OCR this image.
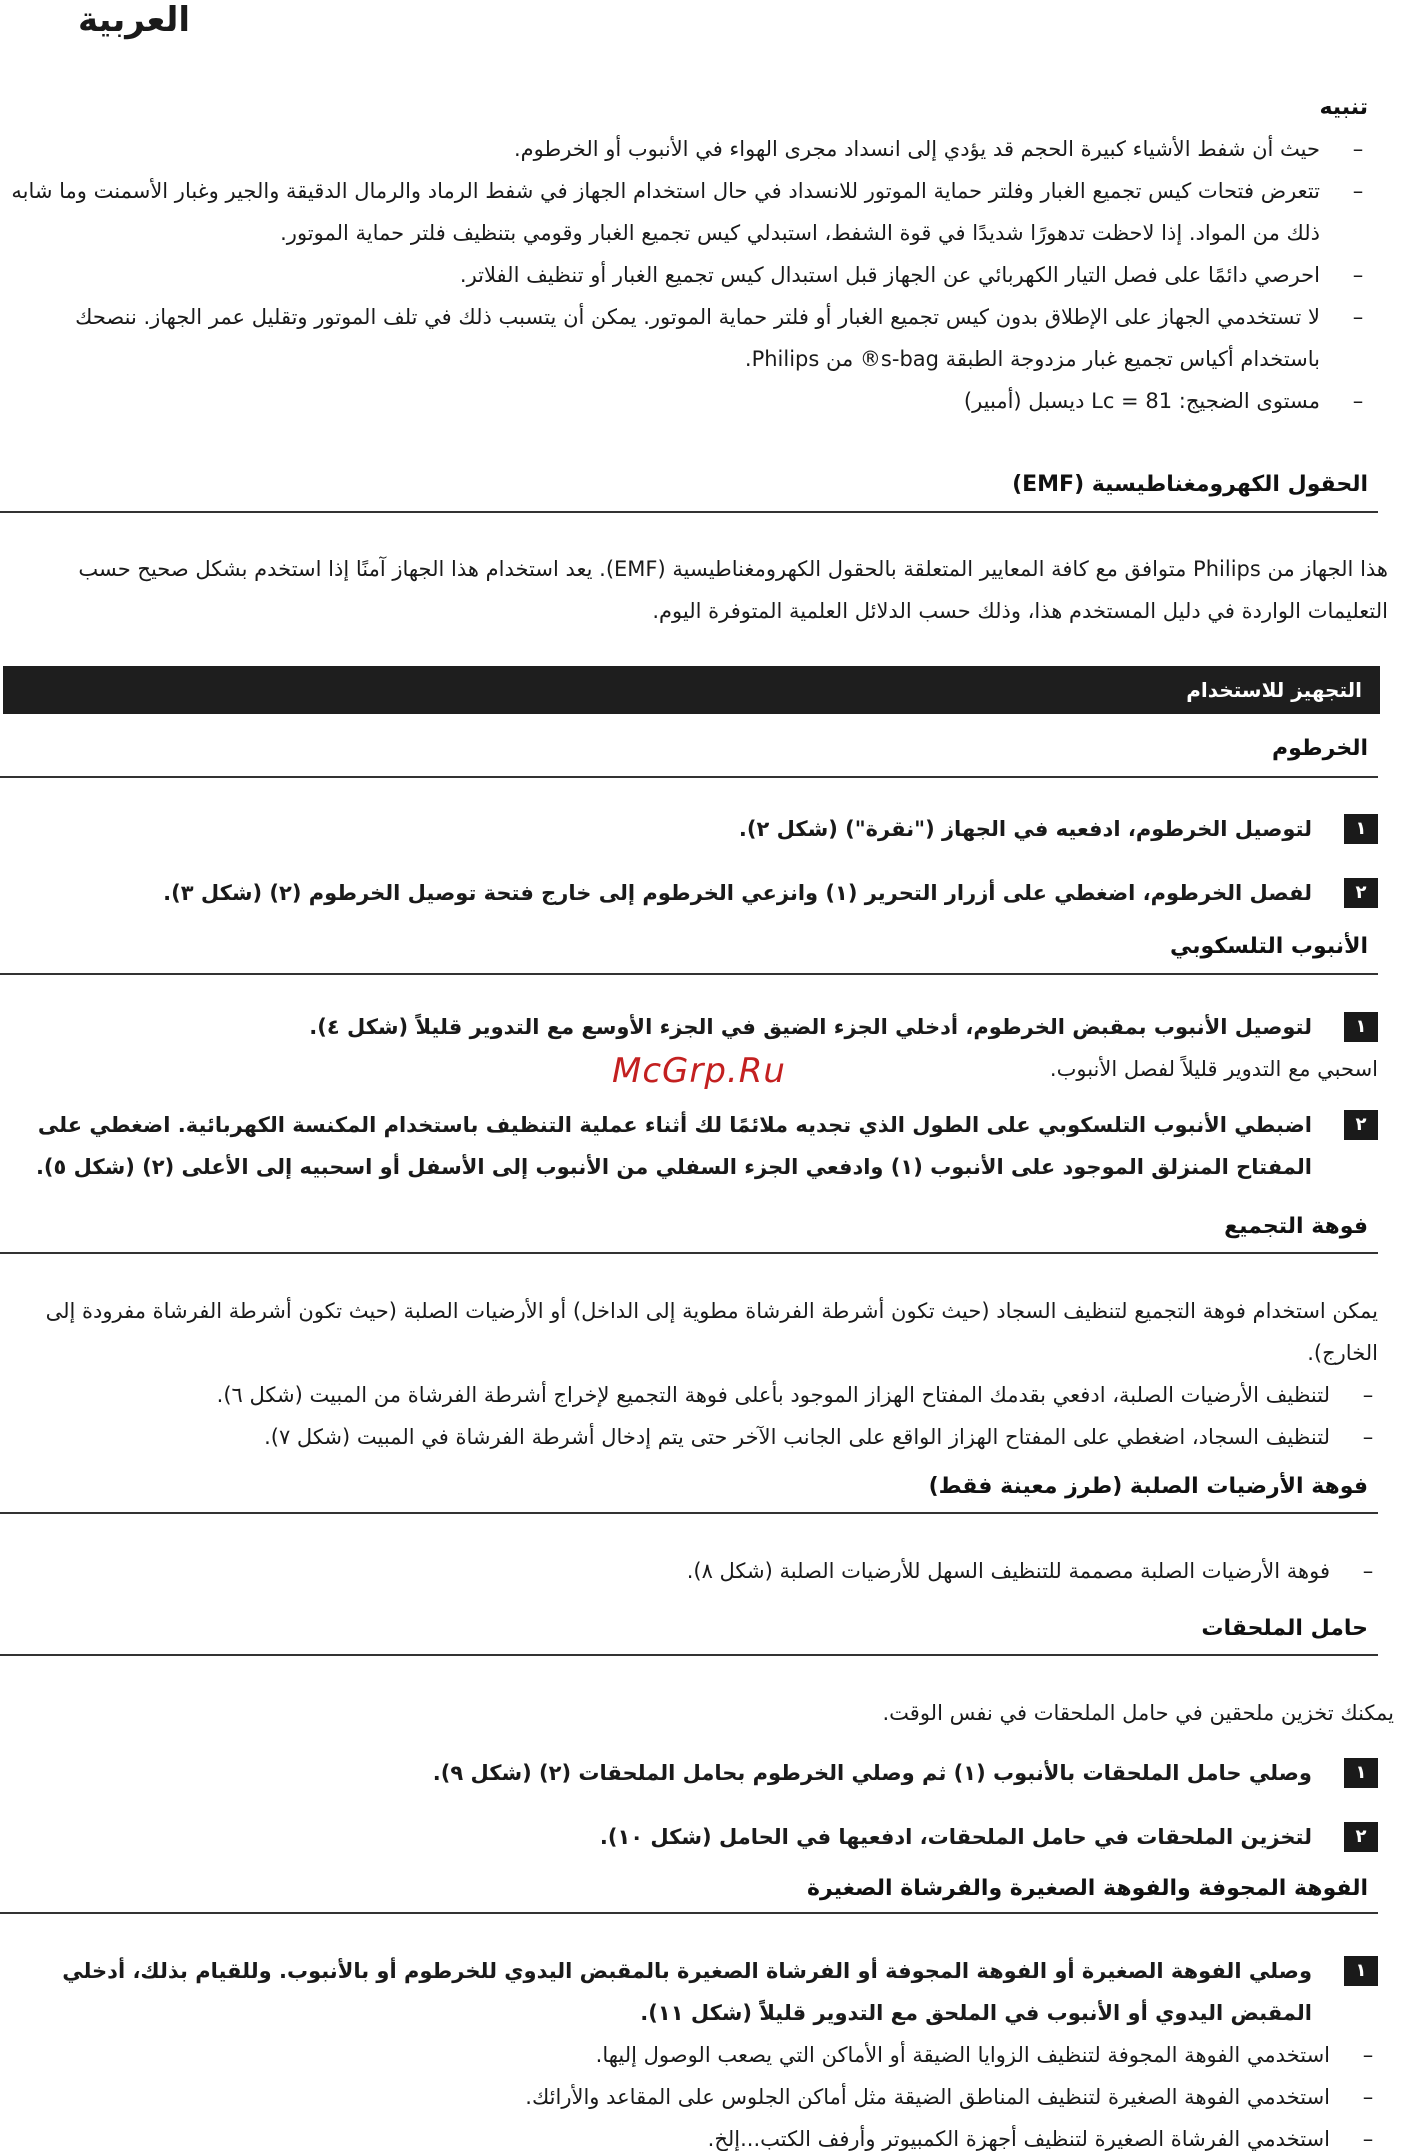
العربية
تنبيه
–
حيث أن شفط الأشياء كبيرة الحجم قد يؤدي إلى انسداد مجرى الهواء في الأنبوب أو الخرطوم.
–
تتعرض فتحات كيس تجميع الغبار وفلتر حماية الموتور للانسداد في حال استخدام الجهاز في شفط الرماد والرمال الدقيقة والجير وغبار الأسمنت وما شابه ذلك من المواد. إذا لاحظت تدهورًا شديدًا في قوة الشفط، استبدلي كيس تجميع الغبار وقومي بتنظيف فلتر حماية الموتور.
–
احرصي دائمًا على فصل التيار الكهربائي عن الجهاز قبل استبدال كيس تجميع الغبار أو تنظيف الفلاتر.
–
لا تستخدمي الجهاز على الإطلاق بدون كيس تجميع الغبار أو فلتر حماية الموتور. يمكن أن يتسبب ذلك في تلف الموتور وتقليل عمر الجهاز. ننصحك باستخدام أكياس تجميع غبار مزدوجة الطبقة s-bag® من Philips.
–
مستوى الضجيج: Lc = 81 ديسبل (أمبير)
الحقول الكهرومغناطيسية (EMF)

هذا الجهاز من Philips متوافق مع كافة المعايير المتعلقة بالحقول الكهرومغناطيسية (EMF). يعد استخدام هذا الجهاز آمنًا إذا استخدم بشكل صحيح حسب التعليمات الواردة في دليل المستخدم هذا، وذلك حسب الدلائل العلمية المتوفرة اليوم.

التجهيز للاستخدام
الخرطوم
١
لتوصيل الخرطوم، ادفعيه في الجهاز ("نقرة") (شكل ٢).
٢
لفصل الخرطوم، اضغطي على أزرار التحرير (١) وانزعي الخرطوم إلى خارج فتحة توصيل الخرطوم (٢) (شكل ٣).
الأنبوب التلسكوبي
١
لتوصيل الأنبوب بمقبض الخرطوم، أدخلي الجزء الضيق في الجزء الأوسع مع التدوير قليلاً (شكل ٤).
اسحبي مع التدوير قليلاً لفصل الأنبوب.
٢
اضبطي الأنبوب التلسكوبي على الطول الذي تجديه ملائمًا لك أثناء عملية التنظيف باستخدام المكنسة الكهربائية. اضغطي على المفتاح المنزلق الموجود على الأنبوب (١) وادفعي الجزء السفلي من الأنبوب إلى الأسفل أو اسحبيه إلى الأعلى (٢) (شكل ٥).
McGrp.Ru
فوهة التجميع

يمكن استخدام فوهة التجميع لتنظيف السجاد (حيث تكون أشرطة الفرشاة مطوية إلى الداخل) أو الأرضيات الصلبة (حيث تكون أشرطة الفرشاة مفرودة إلى الخارج).

–
لتنظيف الأرضيات الصلبة، ادفعي بقدمك المفتاح الهزاز الموجود بأعلى فوهة التجميع لإخراج أشرطة الفرشاة من المبيت (شكل ٦).
–
لتنظيف السجاد، اضغطي على المفتاح الهزاز الواقع على الجانب الآخر حتى يتم إدخال أشرطة الفرشاة في المبيت (شكل ٧).
فوهة الأرضيات الصلبة (طرز معينة فقط)
–
فوهة الأرضيات الصلبة مصممة للتنظيف السهل للأرضيات الصلبة (شكل ٨).
حامل الملحقات

يمكنك تخزين ملحقين في حامل الملحقات في نفس الوقت.

١
وصلي حامل الملحقات بالأنبوب (١) ثم وصلي الخرطوم بحامل الملحقات (٢) (شكل ٩).
٢
لتخزين الملحقات في حامل الملحقات، ادفعيها في الحامل (شكل ١٠).
الفوهة المجوفة والفوهة الصغيرة والفرشاة الصغيرة
١
وصلي الفوهة الصغيرة أو الفوهة المجوفة أو الفرشاة الصغيرة بالمقبض اليدوي للخرطوم أو بالأنبوب. وللقيام بذلك، أدخلي المقبض اليدوي أو الأنبوب في الملحق مع التدوير قليلاً (شكل ١١).
–
استخدمي الفوهة المجوفة لتنظيف الزوايا الضيقة أو الأماكن التي يصعب الوصول إليها.
–
استخدمي الفوهة الصغيرة لتنظيف المناطق الضيقة مثل أماكن الجلوس على المقاعد والأرائك.
–
استخدمي الفرشاة الصغيرة لتنظيف أجهزة الكمبيوتر وأرفف الكتب...إلخ.
